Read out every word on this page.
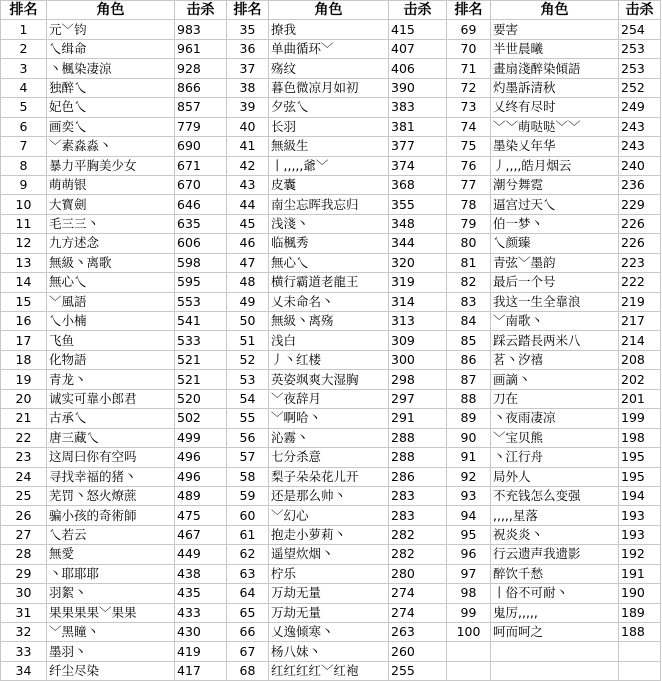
排名	角色	击杀	排名	角色	击杀	排名	角色	击杀
1	元﹀钧	983	35	撩我	415	69	要害	254
2	乀缉命	961	36	单曲循环﹀	407	70	半世晨曦	253
3	丶楓染凄涼	928	37	殇纹	406	71	畫扇淺醉染傾語	253
4	独醉乀	866	38	暮色微凉月如初	390	72	灼墨訴清秋	252
5	妃色乀	857	39	夕弦乀	383	73	乂终有尽时	249
6	画奕乀	779	40	长羽	381	74	﹀﹀萌哒哒﹀﹀	243
7	﹀素淼淼丶	690	41	無級生	377	75	墨染乂年华	243
8	暴力平胸美少女	671	42	丨,,,,,爺﹀	374	76	丿,,,,皓月烟云	240
9	萌萌银	670	43	皮囊	368	77	潮兮舞霓	236
10	大寳劍	646	44	南尘忘晖我忘归	355	78	逼宫过天乀	229
11	毛三三丶	635	45	浅淺丶	348	79	伯一梦丶	226
12	九方述念	606	46	临楓秀	344	80	乀颜臻	226
13	無級丶离歌	598	47	無心乀	320	81	青弦﹀墨韵	223
14	無心乀	595	48	横行霸道老龍王	319	82	最后一个号	222
15	﹀風語	553	49	乂未命名丶	314	83	我这一生全靠浪	219
16	乀小楠	541	50	無級丶离殇	313	84	﹀南歌丶	217
17	飞鱼	533	51	浅白	309	85	踩云踏長两米八	214
18	化物語	521	52	丿丶红楼	300	86	茗丶汐禧	208
19	青龙丶	521	53	英姿飒爽大湿胸	298	87	画謫丶	202
20	诚实可靠小郎君	520	54	﹀夜辞月	297	88	刀在	201
21	古承乀	502	55	﹀啊哈丶	291	89	丶夜雨凄凉	199
22	唐三藏乀	499	56	沁霧丶	288	90	﹀宝贝熊	198
23	这周曰你有空吗	496	57	七分杀意	288	91	丶江行舟	195
24	寻找幸福的猪丶	496	58	梨子朵朵花儿开	286	92	局外人	195
25	芜罚丶怒火燎蔗	489	59	还是那么帅丶	283	93	不充钱怎么变强	194
26	骗小孩的奇術師	475	60	﹀幻心	283	94	,,,,,星落	193
27	乀若云	467	61	抱走小萝莉丶	282	95	祝炎炎丶	193
28	無愛	449	62	遥望炊烟丶	282	96	行云遗声我遗影	192
29	丶耶耶耶	438	63	柠乐	280	97	醉饮千愁	191
30	羽絮丶	435	64	万劫无量	274	98	丨俗不可耐丶	190
31	果果果果﹀果果	433	65	万劫无量	274	99	鬼厉,,,,,	189
32	﹀黑瞳丶	430	66	乂逸倾寒丶	263	100	呵而呵之	188
33	墨羽丶	419	67	杨八妹丶	260			
34	纤尘尽染	417	68	红红红红﹀红袍	255			
